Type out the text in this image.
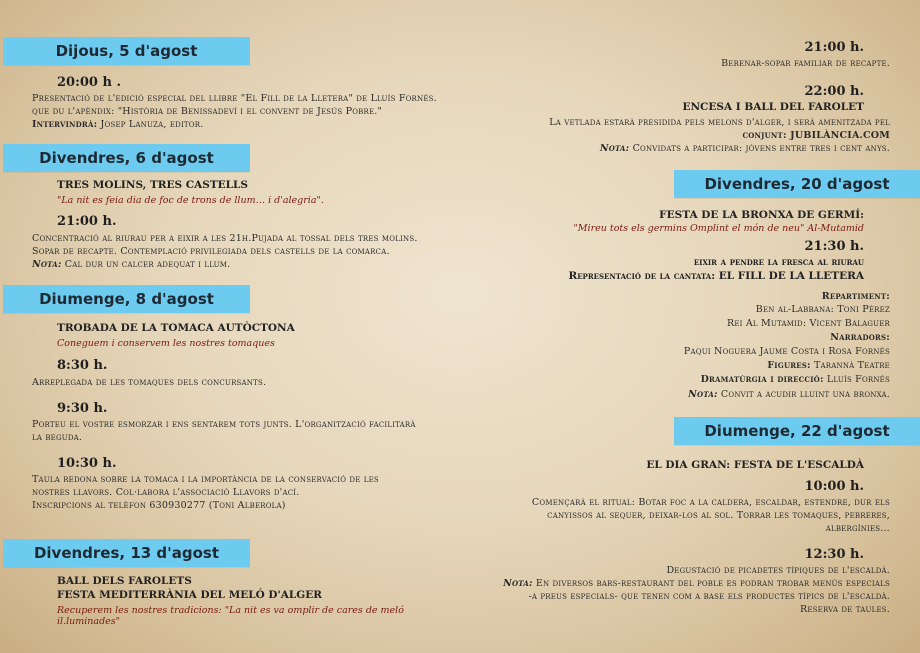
Dijous, 5 d'agost
20:00 h .
Presentació de l'edició especial del llibre "El Fill de la Lletera" de Lluís Fornés.
que du l'apèndix: "Història de Benissadeví i el convent de Jesús Pobre."
Intervindrà: Josep Lanuza, editor.
Divendres, 6 d'agost
TRES MOLINS, TRES CASTELLS
"La nit es feia dia de foc de trons de llum… i d'alegria".
21:00 h.
Concentració al riurau per a eixir a les 21h.Pujada al tossal dels tres molins.
Sopar de recapte. Contemplació privilegiada dels castells de la comarca.
Nota: Cal dur un calcer adequat i llum.
Diumenge, 8 d'agost
TROBADA DE LA TOMACA AUTÒCTONA
Coneguem i conservem les nostres tomaques
8:30 h.
Arreplegada de les tomaques dels concursants.
9:30 h.
Porteu el vostre esmorzar i ens sentarem tots junts. L'organització facilitarà
la beguda.
10:30 h.
Taula redona sobre la tomaca i la importància de la conservació de les
nostres llavors. Col·labora l'associació Llavors d'ací.
Inscripcions al telèfon 630930277 (Toni Alberola)
Divendres, 13 d'agost
BALL DELS FAROLETS
FESTA MEDITERRÀNIA DEL MELÓ D'ALGER
Recuperem les nostres tradicions: "La nit es va omplir de cares de meló il.luminades"
21:00 h.
Berenar-sopar familiar de recapte.
22:00 h.
ENCESA I BALL DEL FAROLET
La vetlada estarà presidida pels melons d'alger, i serà amenitzada pel
conjunt: JUBILÀNCIA.COM
Nota: Convidats a participar: jóvens entre tres i cent anys.
Divendres, 20 d'agost
FESTA DE LA BRONXA DE GERMÍ:
"Mireu tots els germins Omplint el món de neu" Al-Mutamid
21:30 h.
eixir a pendre la fresca al riurau
Representació de la cantata: EL FILL DE LA LLETERA
Repartiment:
Ben al-Labbana: Toni Pérez
Rei Al Mutamid: Vicent Balaguer
Narradors:
Paqui Noguera Jaume Costa i Rosa Fornés
Figures: Tarannà Teatre
Dramatúrgia i direcció: Lluís Fornés
Nota: Convit a acudir lluint una bronxa.
Diumenge, 22 d'agost
EL DIA GRAN: FESTA DE L'ESCALDÀ
10:00 h.
Començarà el ritual: Botar foc a la caldera, escaldar, estendre, dur els
canyissos al sequer, deixar-los al sol. Torrar les tomaques, pebreres,
albergínies…
12:30 h.
Degustació de picadetes típiques de l'escaldà.
Nota: En diversos bars-restaurant del poble es podran trobar menús especials
-a preus especials- que tenen com a base els productes típics de l'escaldà.
Reserva de taules.
